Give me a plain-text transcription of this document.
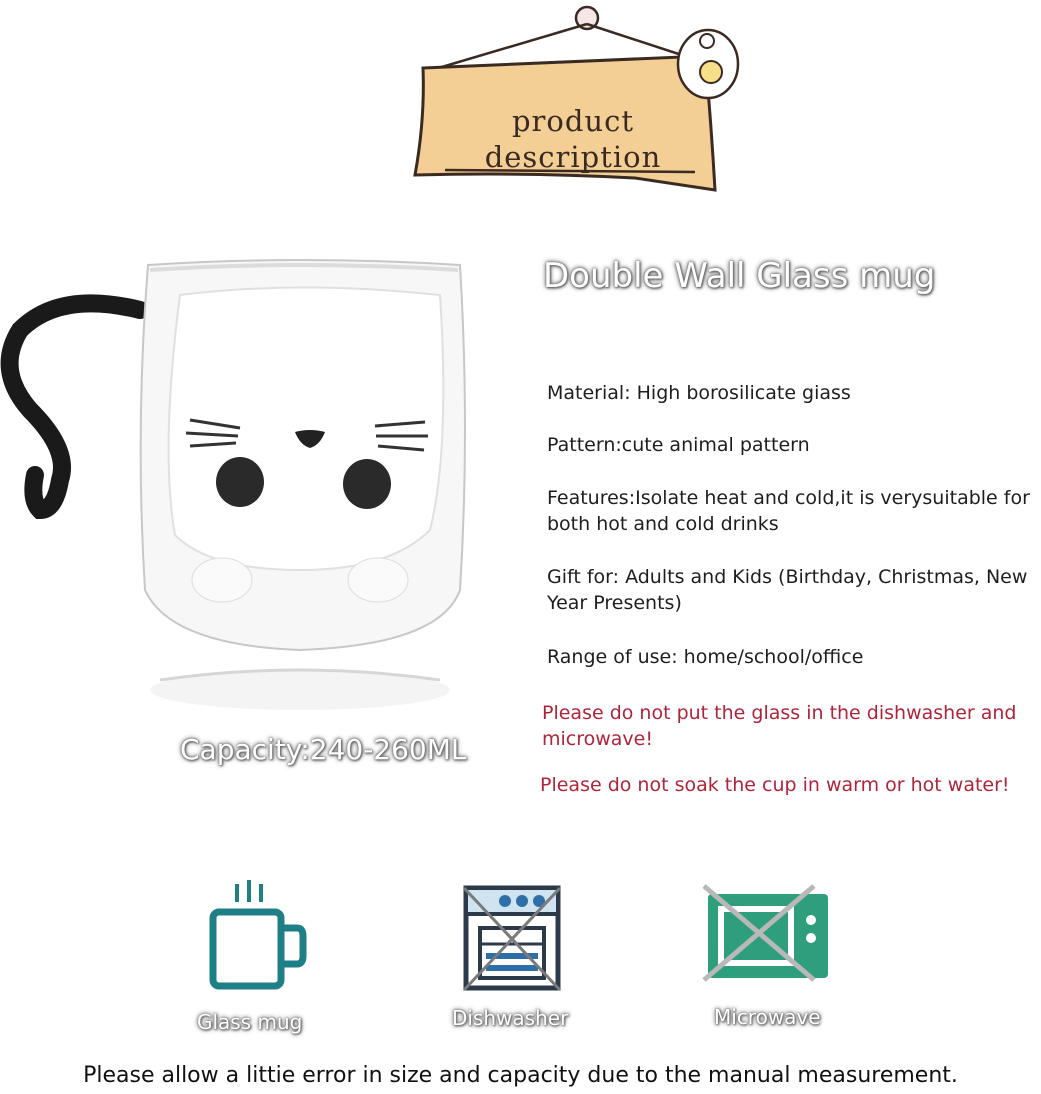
product
description
Double Wall Glass mug
Capacity:240-260ML
Material: High borosilicate giass
Pattern:cute animal pattern
Features:Isolate heat and cold,it is verysuitable for both hot and cold drinks
Gift for: Adults and Kids (Birthday, Christmas, New Year Presents)
Range of use: home/school/office
Please do not put the glass in the dishwasher and microwave!
Please do not soak the cup in warm or hot water!
Glass mug	Dishwasher	Microwave
Please allow a littie error in size and capacity due to the manual measurement.
